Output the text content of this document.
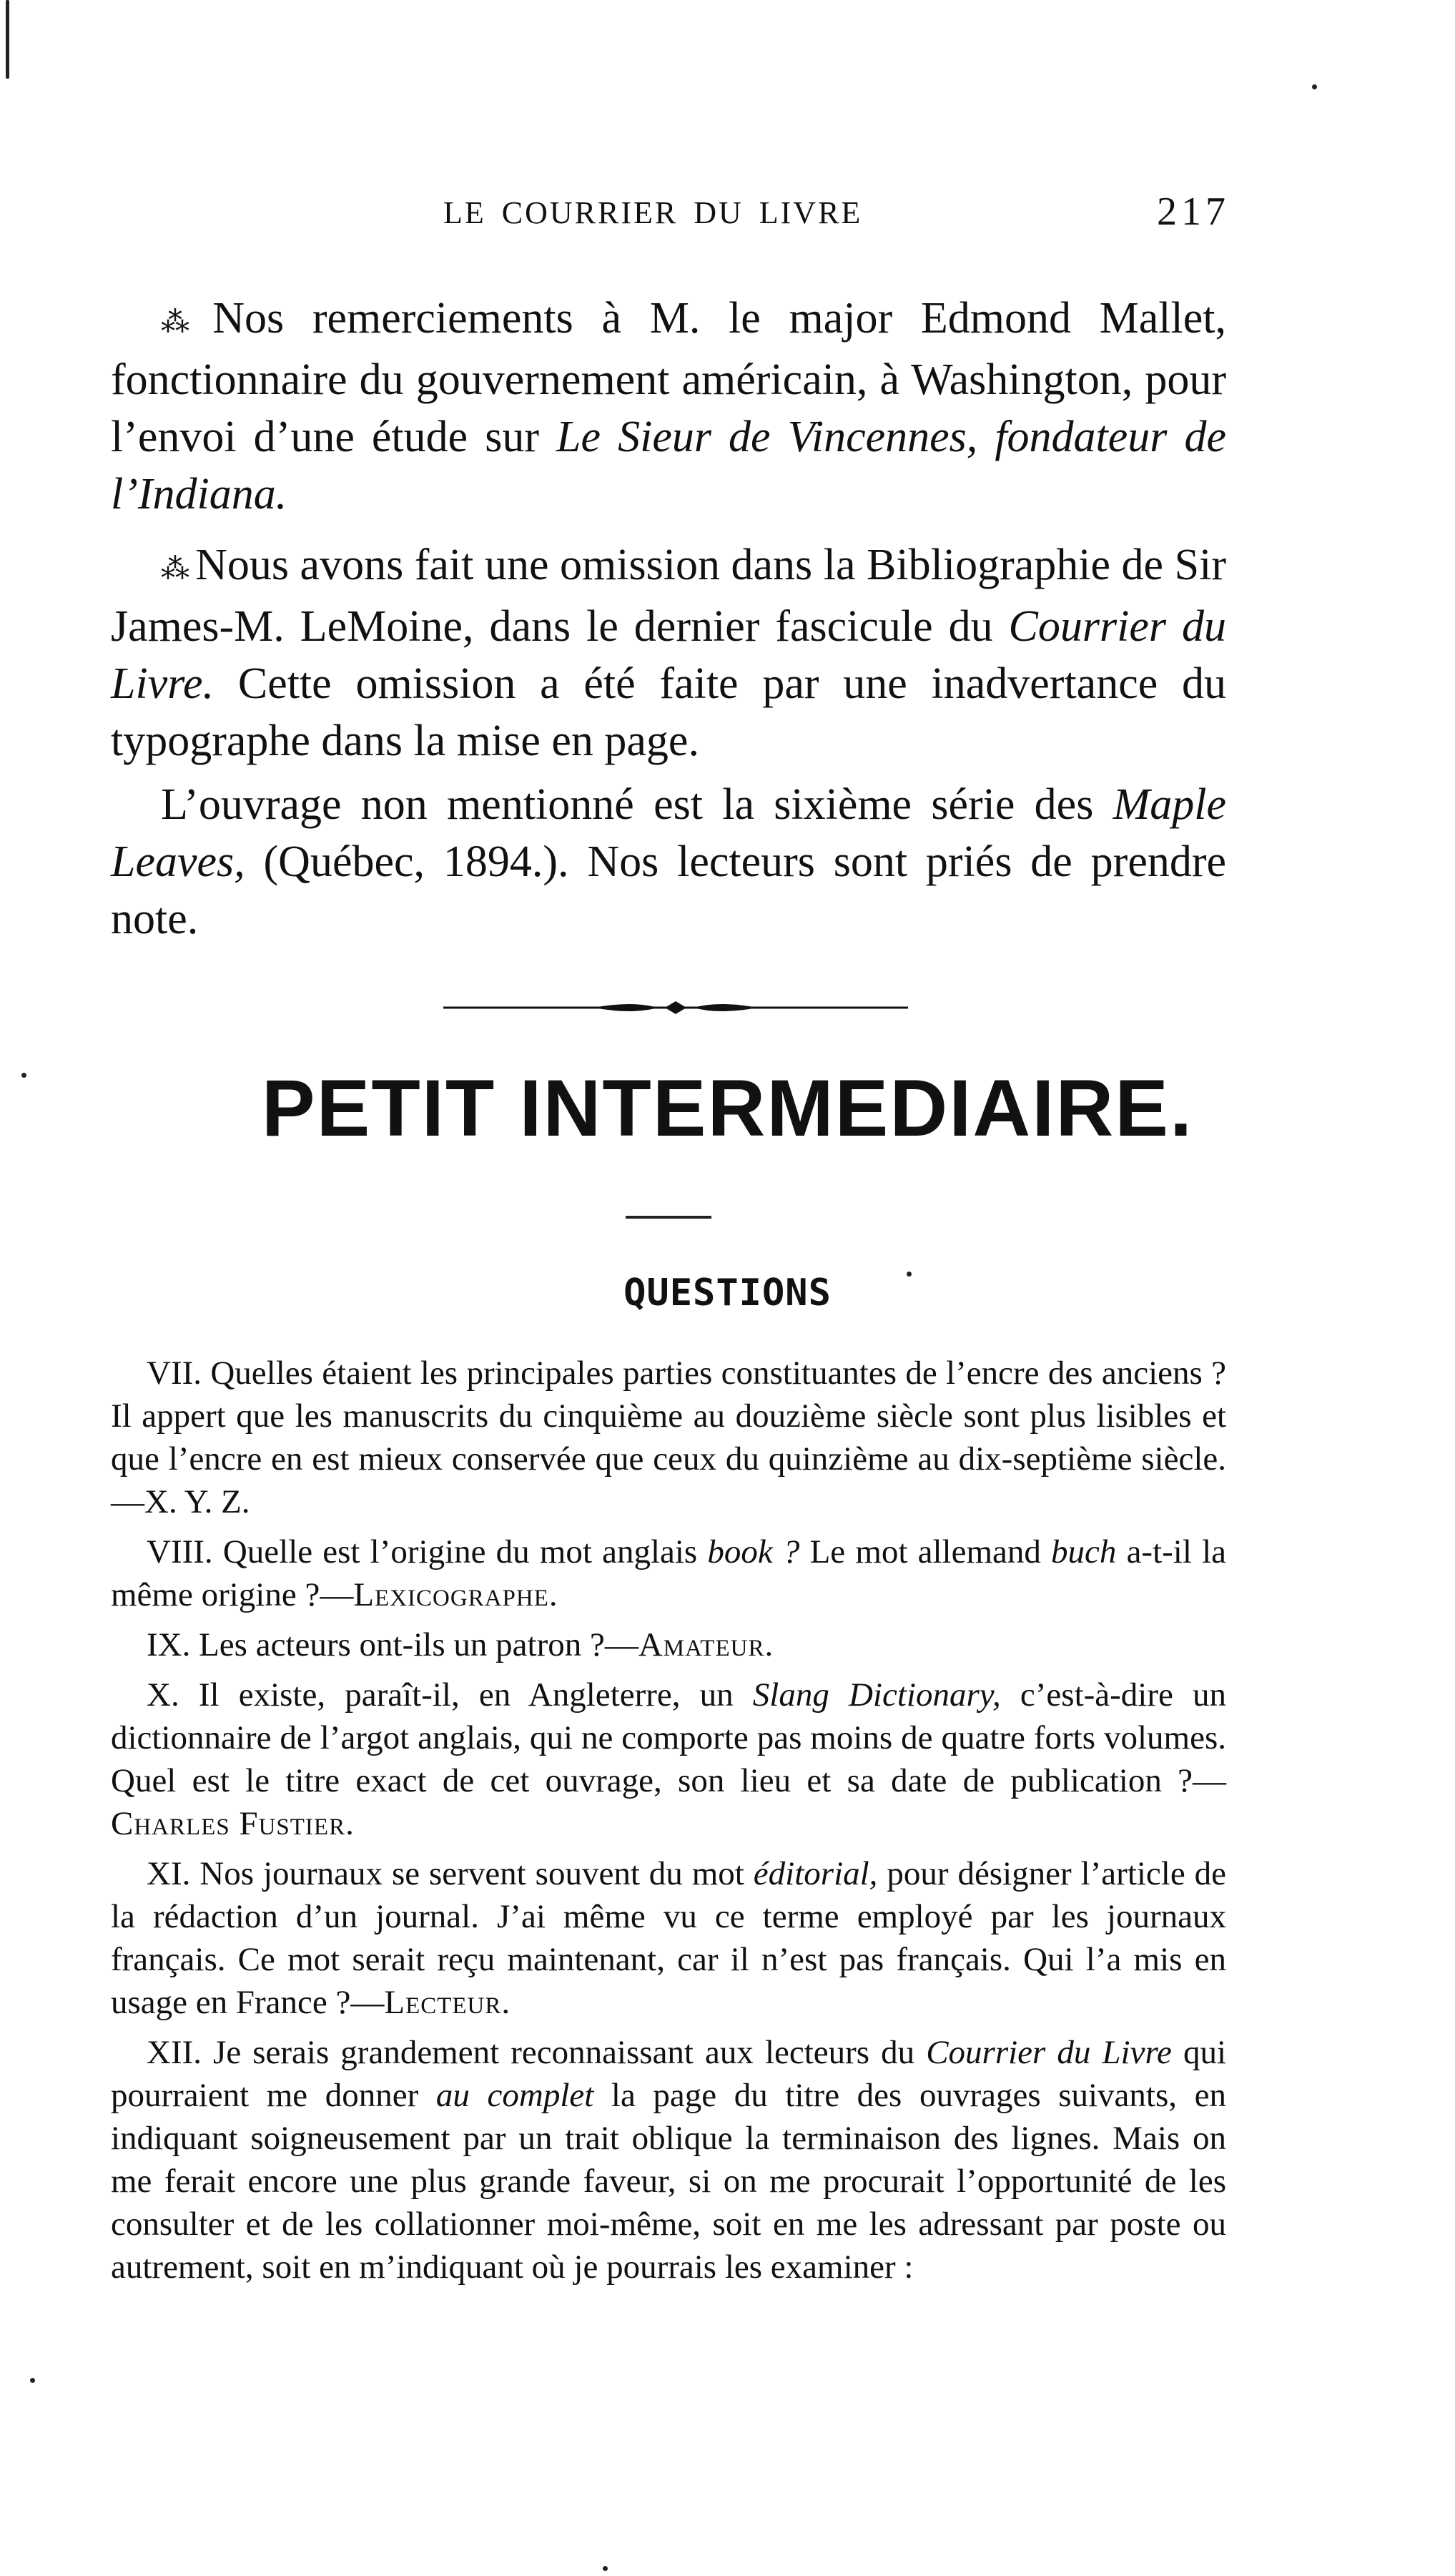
LE COURRIER DU LIVRE	217

⁂ Nos remerciements à M. le major Edmond Mallet, fonctionnaire du gouvernement américain, à Washington, pour l’envoi d’une étude sur Le Sieur de Vincennes, fondateur de l’Indiana.

⁂ Nous avons fait une omission dans la Bibliographie de Sir James-M. LeMoine, dans le dernier fascicule du Courrier du Livre. Cette omission a été faite par une inadvertance du typographe dans la mise en page.

L’ouvrage non mentionné est la sixième série des Maple Leaves, (Québec, 1894.). Nos lecteurs sont priés de prendre note.

PETIT INTERMEDIAIRE.
QUESTIONS

VII. Quelles étaient les principales parties constituantes de l’encre des anciens ? Il appert que les manuscrits du cinquième au douzième siècle sont plus lisibles et que l’encre en est mieux conservée que ceux du quinzième au dix-septième siècle.—X. Y. Z.

VIII. Quelle est l’origine du mot anglais book ? Le mot allemand buch a-t-il la même origine ?—Lexicographe.

IX. Les acteurs ont-ils un patron ?—Amateur.

X. Il existe, paraît-il, en Angleterre, un Slang Dictionary, c’est-à-dire un dictionnaire de l’argot anglais, qui ne comporte pas moins de quatre forts volumes. Quel est le titre exact de cet ouvrage, son lieu et sa date de publication ?—Charles Fustier.

XI. Nos journaux se servent souvent du mot éditorial, pour désigner l’article de la rédaction d’un journal. J’ai même vu ce terme employé par les journaux français. Ce mot serait reçu maintenant, car il n’est pas français. Qui l’a mis en usage en France ?—Lecteur.

XII. Je serais grandement reconnaissant aux lecteurs du Courrier du Livre qui pourraient me donner au complet la page du titre des ouvrages suivants, en indiquant soigneusement par un trait oblique la terminaison des lignes. Mais on me ferait encore une plus grande faveur, si on me procurait l’opportunité de les consulter et de les collationner moi-même, soit en me les adressant par poste ou autrement, soit en m’indiquant où je pourrais les examiner :
